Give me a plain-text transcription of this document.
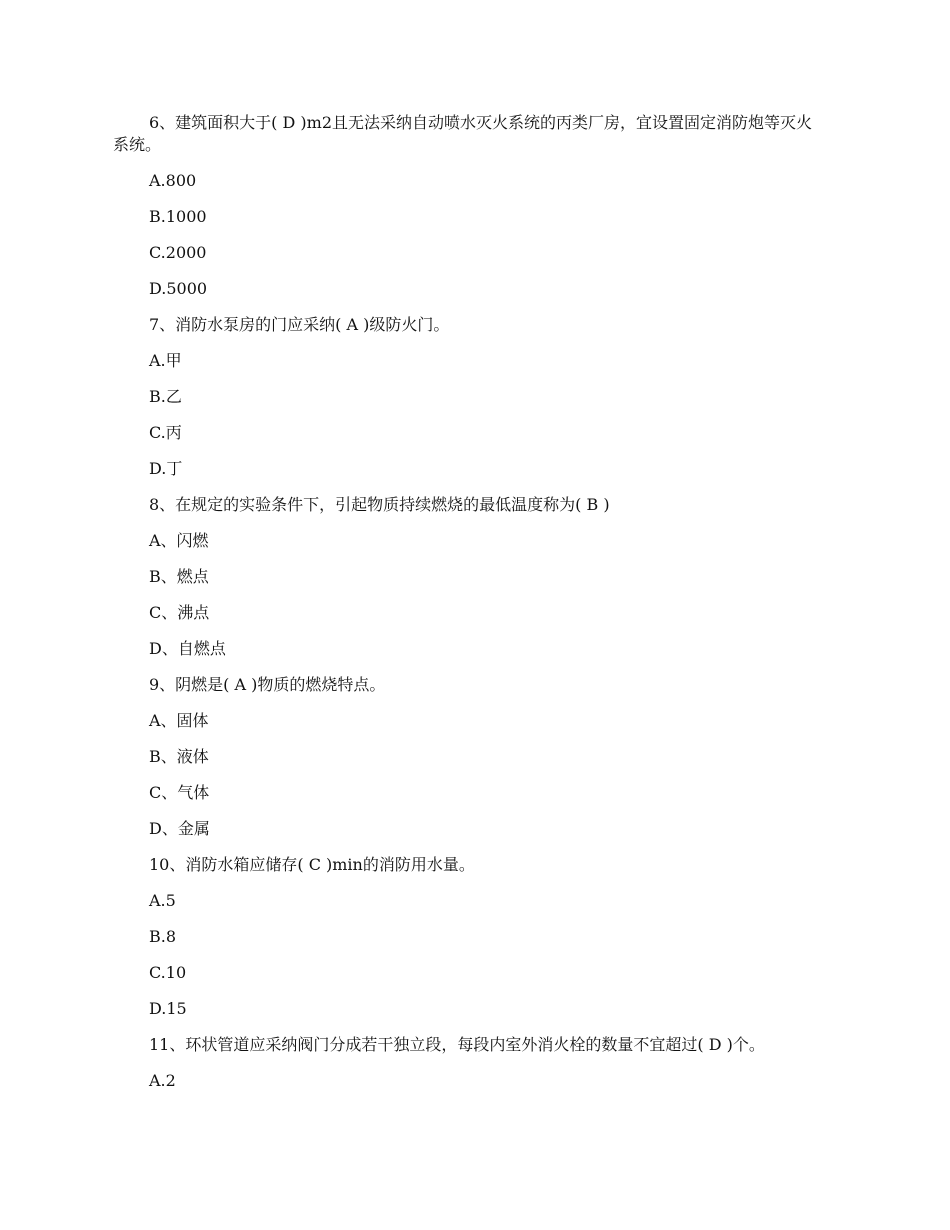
6、建筑面积大于( D )m2且无法采纳自动喷水灭火系统的丙类厂房，宜设置固定消防炮等灭火系统。

A.800

B.1000

C.2000

D.5000

7、消防水泵房的门应采纳( A )级防火门。

A.甲

B.乙

C.丙

D.丁

8、在规定的实验条件下，引起物质持续燃烧的最低温度称为( B )

A、闪燃

B、燃点

C、沸点

D、自燃点

9、阴燃是( A )物质的燃烧特点。

A、固体

B、液体

C、气体

D、金属

10、消防水箱应储存( C )min的消防用水量。

A.5

B.8

C.10

D.15

11、环状管道应采纳阀门分成若干独立段，每段内室外消火栓的数量不宜超过( D )个。

A.2
